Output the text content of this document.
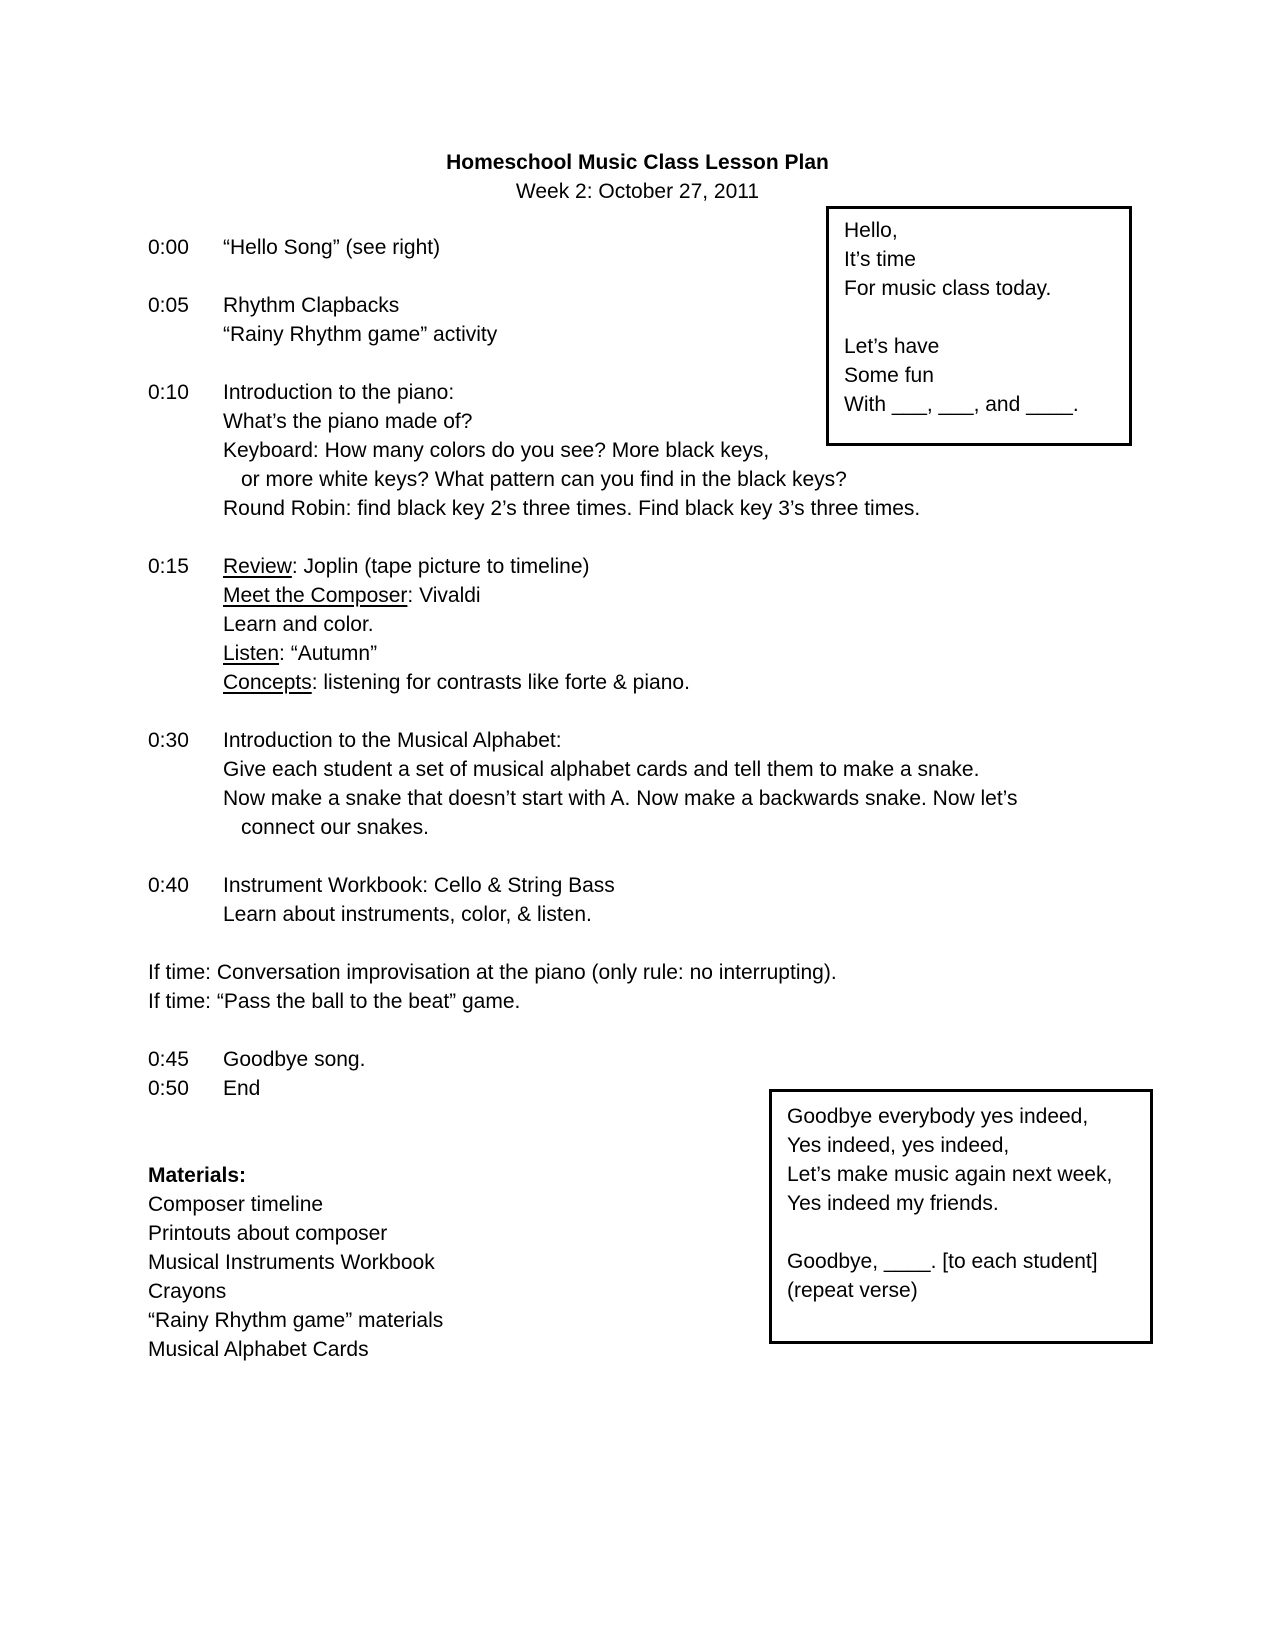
Homeschool Music Class Lesson Plan
Week 2: October 27, 2011
0:00 “Hello Song” (see right)
0:05 Rhythm Clapbacks
“Rainy Rhythm game” activity
0:10 Introduction to the piano:
What’s the piano made of?
Keyboard: How many colors do you see? More black keys,
or more white keys? What pattern can you find in the black keys?
Round Robin: find black key 2’s three times. Find black key 3’s three times.
0:15 Review: Joplin (tape picture to timeline)
Meet the Composer: Vivaldi
Learn and color.
Listen: “Autumn”
Concepts: listening for contrasts like forte & piano.
0:30 Introduction to the Musical Alphabet:
Give each student a set of musical alphabet cards and tell them to make a snake.
Now make a snake that doesn’t start with A. Now make a backwards snake. Now let’s
connect our snakes.
0:40 Instrument Workbook: Cello & String Bass
Learn about instruments, color, & listen.
If time: Conversation improvisation at the piano (only rule: no interrupting).
If time: “Pass the ball to the beat” game.
0:45 Goodbye song.
0:50 End
Materials:
Composer timeline
Printouts about composer
Musical Instruments Workbook
Crayons
“Rainy Rhythm game” materials
Musical Alphabet Cards
Hello,
It’s time
For music class today.
Let’s have
Some fun
With ___, ___, and ____.
Goodbye everybody yes indeed,
Yes indeed, yes indeed,
Let’s make music again next week,
Yes indeed my friends.
Goodbye, ____. [to each student]
(repeat verse)
